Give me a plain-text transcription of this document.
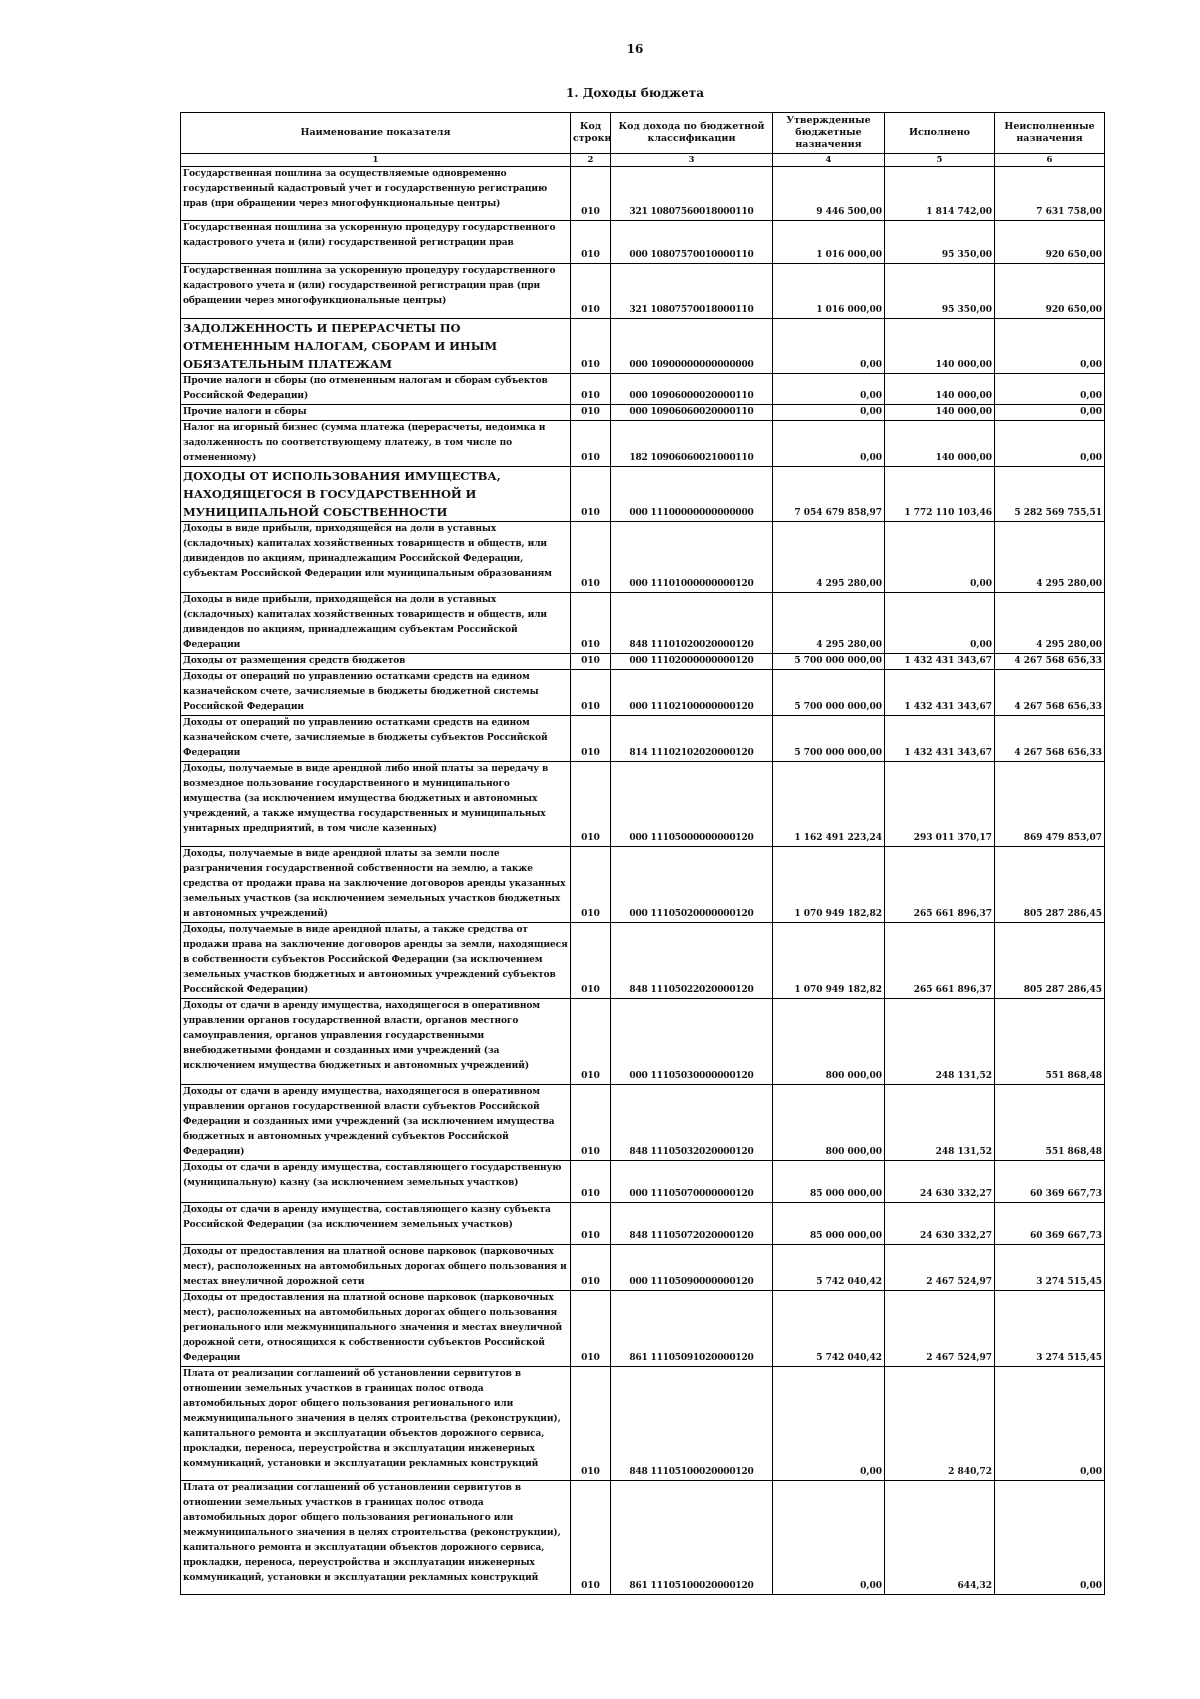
16
1. Доходы бюджета
Наименование показателя	Код строки	Код дохода по бюджетной классификации	Утвержденные бюджетные назначения	Исполнено	Неисполненные назначения
1	2	3	4	5	6
Государственная пошлина за осуществляемые одновременно государственный кадастровый учет и государственную регистрацию прав (при обращении через многофункциональные центры)	010	321 10807560018000110	9 446 500,00	1 814 742,00	7 631 758,00
Государственная пошлина за ускоренную процедуру государственного кадастрового учета и (или) государственной регистрации прав	010	000 10807570010000110	1 016 000,00	95 350,00	920 650,00
Государственная пошлина за ускоренную процедуру государственного кадастрового учета и (или) государственной регистрации прав (при обращении через многофункциональные центры)	010	321 10807570018000110	1 016 000,00	95 350,00	920 650,00
ЗАДОЛЖЕННОСТЬ И ПЕРЕРАСЧЕТЫ ПО ОТМЕНЕННЫМ НАЛОГАМ, СБОРАМ И ИНЫМ ОБЯЗАТЕЛЬНЫМ ПЛАТЕЖАМ	010	000 10900000000000000	0,00	140 000,00	0,00
Прочие налоги и сборы (по отмененным налогам и сборам субъектов Российской Федерации)	010	000 10906000020000110	0,00	140 000,00	0,00
Прочие налоги и сборы	010	000 10906060020000110	0,00	140 000,00	0,00
Налог на игорный бизнес (сумма платежа (перерасчеты, недоимка и задолженность по соответствующему платежу, в том числе по отмененному)	010	182 10906060021000110	0,00	140 000,00	0,00
ДОХОДЫ ОТ ИСПОЛЬЗОВАНИЯ ИМУЩЕСТВА, НАХОДЯЩЕГОСЯ В ГОСУДАРСТВЕННОЙ И МУНИЦИПАЛЬНОЙ СОБСТВЕННОСТИ	010	000 11100000000000000	7 054 679 858,97	1 772 110 103,46	5 282 569 755,51
Доходы в виде прибыли, приходящейся на доли в уставных (складочных) капиталах хозяйственных товариществ и обществ, или дивидендов по акциям, принадлежащим Российской Федерации, субъектам Российской Федерации или муниципальным образованиям	010	000 11101000000000120	4 295 280,00	0,00	4 295 280,00
Доходы в виде прибыли, приходящейся на доли в уставных (складочных) капиталах хозяйственных товариществ и обществ, или дивидендов по акциям, принадлежащим субъектам Российской Федерации	010	848 11101020020000120	4 295 280,00	0,00	4 295 280,00
Доходы от размещения средств бюджетов	010	000 11102000000000120	5 700 000 000,00	1 432 431 343,67	4 267 568 656,33
Доходы от операций по управлению остатками средств на едином казначейском счете, зачисляемые в бюджеты бюджетной системы Российской Федерации	010	000 11102100000000120	5 700 000 000,00	1 432 431 343,67	4 267 568 656,33
Доходы от операций по управлению остатками средств на едином казначейском счете, зачисляемые в бюджеты субъектов Российской Федерации	010	814 11102102020000120	5 700 000 000,00	1 432 431 343,67	4 267 568 656,33
Доходы, получаемые в виде арендной либо иной платы за передачу в возмездное пользование государственного и муниципального имущества (за исключением имущества бюджетных и автономных учреждений, а также имущества государственных и муниципальных унитарных предприятий, в том числе казенных)	010	000 11105000000000120	1 162 491 223,24	293 011 370,17	869 479 853,07
Доходы, получаемые в виде арендной платы за земли после разграничения государственной собственности на землю, а также средства от продажи права на заключение договоров аренды указанных земельных участков (за исключением земельных участков бюджетных и автономных учреждений)	010	000 11105020000000120	1 070 949 182,82	265 661 896,37	805 287 286,45
Доходы, получаемые в виде арендной платы, а также средства от продажи права на заключение договоров аренды за земли, находящиеся в собственности субъектов Российской Федерации (за исключением земельных участков бюджетных и автономных учреждений субъектов Российской Федерации)	010	848 11105022020000120	1 070 949 182,82	265 661 896,37	805 287 286,45
Доходы от сдачи в аренду имущества, находящегося в оперативном управлении органов государственной власти, органов местного самоуправления, органов управления государственными внебюджетными фондами и созданных ими учреждений (за исключением имущества бюджетных и автономных учреждений)	010	000 11105030000000120	800 000,00	248 131,52	551 868,48
Доходы от сдачи в аренду имущества, находящегося в оперативном управлении органов государственной власти субъектов Российской Федерации и созданных ими учреждений (за исключением имущества бюджетных и автономных учреждений субъектов Российской Федерации)	010	848 11105032020000120	800 000,00	248 131,52	551 868,48
Доходы от сдачи в аренду имущества, составляющего государственную (муниципальную) казну (за исключением земельных участков)	010	000 11105070000000120	85 000 000,00	24 630 332,27	60 369 667,73
Доходы от сдачи в аренду имущества, составляющего казну субъекта Российской Федерации (за исключением земельных участков)	010	848 11105072020000120	85 000 000,00	24 630 332,27	60 369 667,73
Доходы от предоставления на платной основе парковок (парковочных мест), расположенных на автомобильных дорогах общего пользования и местах внеуличной дорожной сети	010	000 11105090000000120	5 742 040,42	2 467 524,97	3 274 515,45
Доходы от предоставления на платной основе парковок (парковочных мест), расположенных на автомобильных дорогах общего пользования регионального или межмуниципального значения и местах внеуличной дорожной сети, относящихся к собственности субъектов Российской Федерации	010	861 11105091020000120	5 742 040,42	2 467 524,97	3 274 515,45
Плата от реализации соглашений об установлении сервитутов в отношении земельных участков в границах полос отвода автомобильных дорог общего пользования регионального или межмуниципального значения в целях строительства (реконструкции), капитального ремонта и эксплуатации объектов дорожного сервиса, прокладки, переноса, переустройства и эксплуатации инженерных коммуникаций, установки и эксплуатации рекламных конструкций	010	848 11105100020000120	0,00	2 840,72	0,00
Плата от реализации соглашений об установлении сервитутов в отношении земельных участков в границах полос отвода автомобильных дорог общего пользования регионального или межмуниципального значения в целях строительства (реконструкции), капитального ремонта и эксплуатации объектов дорожного сервиса, прокладки, переноса, переустройства и эксплуатации инженерных коммуникаций, установки и эксплуатации рекламных конструкций	010	861 11105100020000120	0,00	644,32	0,00
